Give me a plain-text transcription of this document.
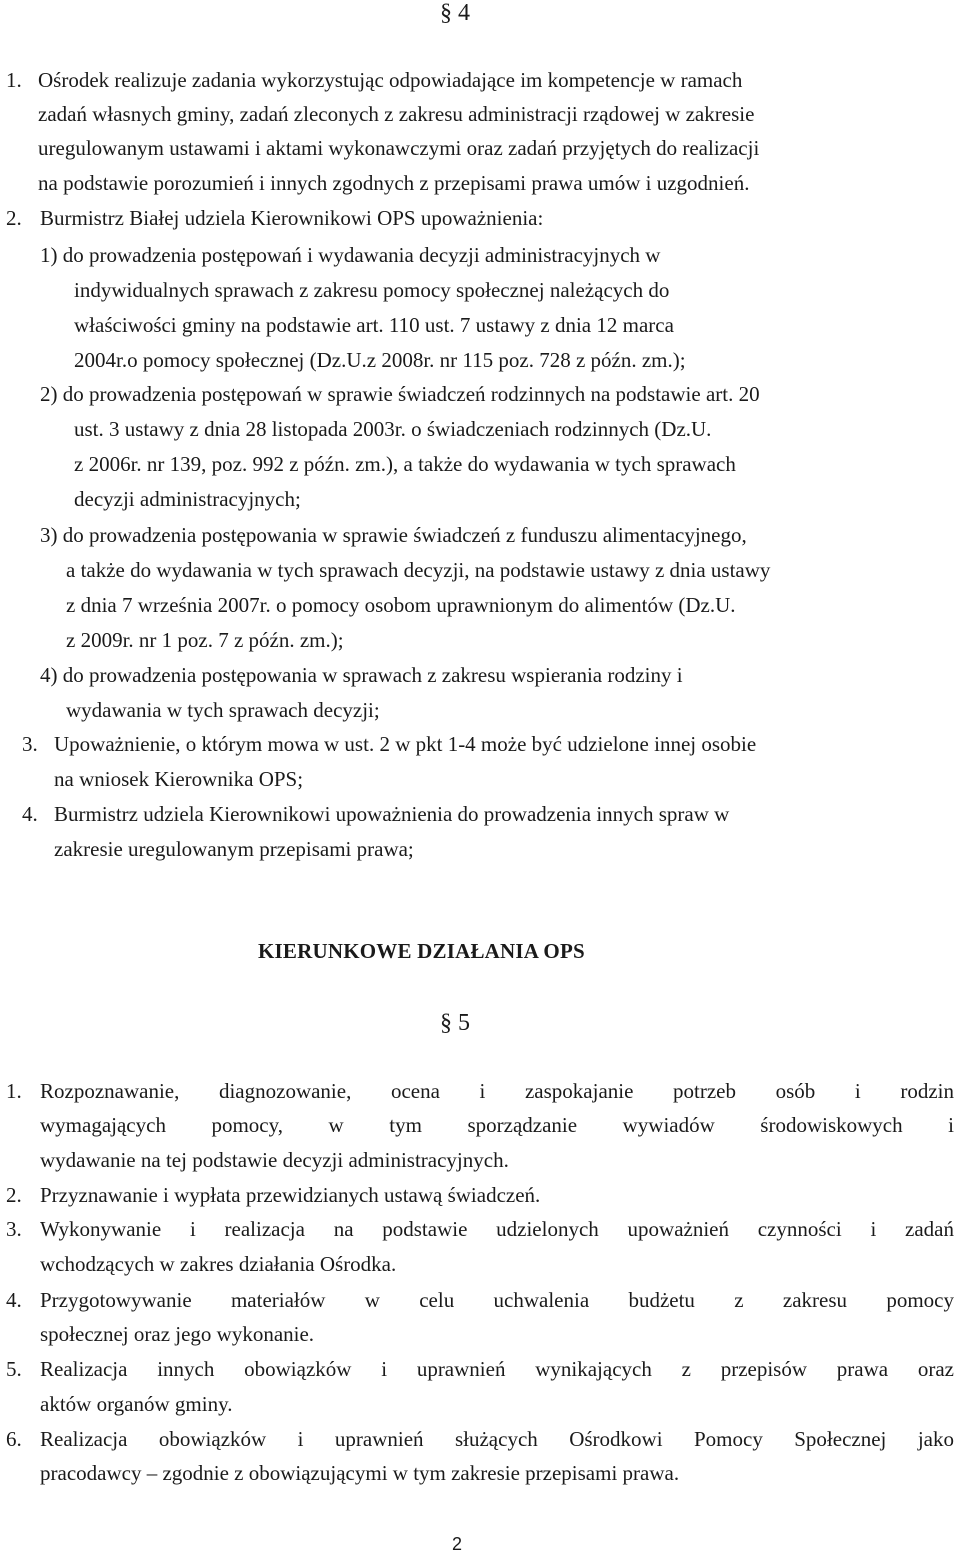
§ 4
1. Ośrodek realizuje zadania wykorzystując odpowiadające im kompetencje w ramach
zadań własnych gminy, zadań zleconych z zakresu administracji rządowej w zakresie
uregulowanym ustawami i aktami wykonawczymi oraz zadań przyjętych do realizacji
na podstawie porozumień i innych zgodnych z przepisami prawa umów i uzgodnień.
2. Burmistrz Białej udziela Kierownikowi OPS upoważnienia:
1) do prowadzenia postępowań i wydawania decyzji administracyjnych w
indywidualnych sprawach z zakresu pomocy społecznej należących do
właściwości gminy na podstawie art. 110 ust. 7 ustawy z dnia 12 marca
2004r.o pomocy społecznej (Dz.U.z 2008r. nr 115 poz. 728 z późn. zm.);
2) do prowadzenia postępowań w sprawie świadczeń rodzinnych na podstawie art. 20
ust. 3 ustawy z dnia 28 listopada 2003r. o świadczeniach rodzinnych (Dz.U.
z 2006r. nr 139, poz. 992 z późn. zm.), a także do wydawania w tych sprawach
decyzji administracyjnych;
3) do prowadzenia postępowania w sprawie świadczeń z funduszu alimentacyjnego,
a także do wydawania w tych sprawach decyzji, na podstawie ustawy z dnia ustawy
z dnia 7 września 2007r. o pomocy osobom uprawnionym do alimentów (Dz.U.
z 2009r. nr 1 poz. 7 z późn. zm.);
4) do prowadzenia postępowania w sprawach z zakresu wspierania rodziny i
wydawania w tych sprawach decyzji;
3. Upoważnienie, o którym mowa w ust. 2 w pkt 1-4 może być udzielone innej osobie
na wniosek Kierownika OPS;
4. Burmistrz udziela Kierownikowi upoważnienia do prowadzenia innych spraw w
zakresie uregulowanym przepisami prawa;
KIERUNKOWE DZIAŁANIA OPS
§ 5
1. Rozpoznawanie, diagnozowanie, ocena i zaspokajanie potrzeb osób i rodzin
wymagających pomocy, w tym sporządzanie wywiadów środowiskowych i
wydawanie na tej podstawie decyzji administracyjnych.
2. Przyznawanie i wypłata przewidzianych ustawą świadczeń.
3. Wykonywanie i realizacja na podstawie udzielonych upoważnień czynności i zadań
wchodzących w zakres działania Ośrodka.
4. Przygotowywanie materiałów w celu uchwalenia budżetu z zakresu pomocy
społecznej oraz jego wykonanie.
5. Realizacja innych obowiązków i uprawnień wynikających z przepisów prawa oraz
aktów organów gminy.
6. Realizacja obowiązków i uprawnień służących Ośrodkowi Pomocy Społecznej jako
pracodawcy – zgodnie z obowiązującymi w tym zakresie przepisami prawa.
2
